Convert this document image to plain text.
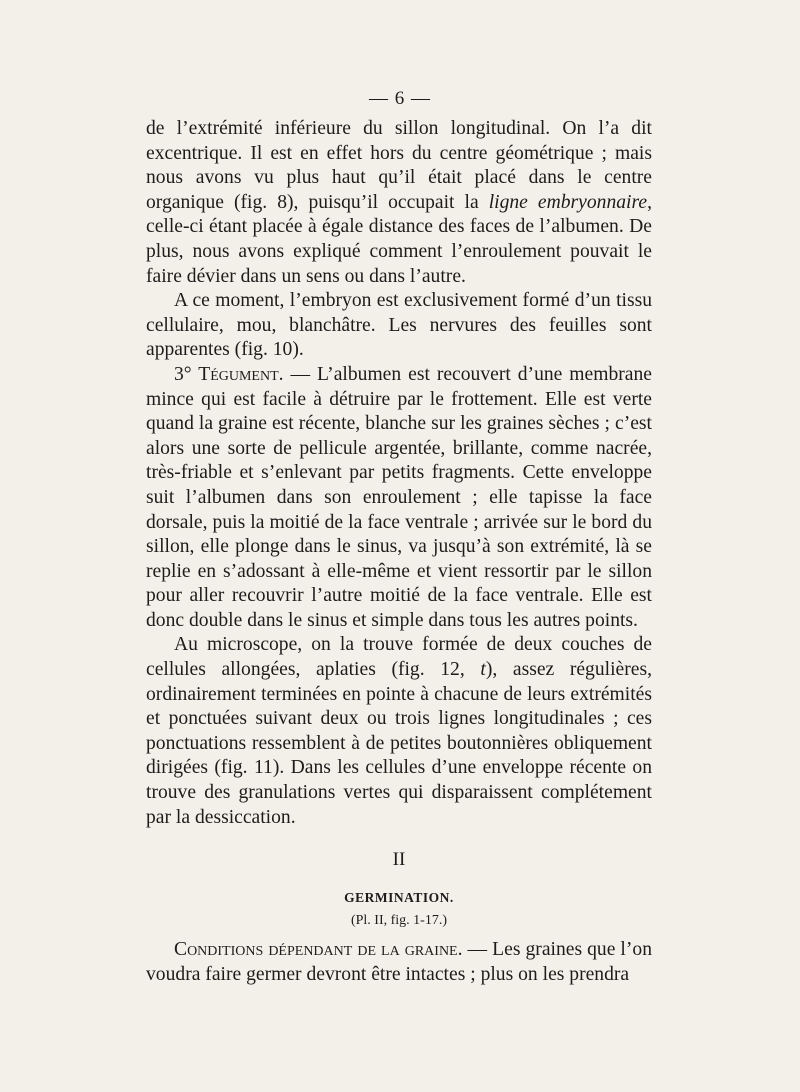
— 6 —

de l’extrémité inférieure du sillon longitudinal. On l’a dit excentrique. Il est en effet hors du centre géométrique ; mais nous avons vu plus haut qu’il était placé dans le centre organique (fig. 8), puisqu’il occupait la ligne embryonnaire, celle-ci étant placée à égale distance des faces de l’albumen. De plus, nous avons expliqué comment l’enroulement pouvait le faire dévier dans un sens ou dans l’autre.

A ce moment, l’embryon est exclusivement formé d’un tissu cellulaire, mou, blanchâtre. Les nervures des feuilles sont apparentes (fig. 10).

3° Tégument. — L’albumen est recouvert d’une membrane mince qui est facile à détruire par le frottement. Elle est verte quand la graine est récente, blanche sur les graines sèches ; c’est alors une sorte de pellicule argentée, brillante, comme nacrée, très-friable et s’enlevant par petits fragments. Cette enveloppe suit l’albumen dans son enroulement ; elle tapisse la face dorsale, puis la moitié de la face ventrale ; arrivée sur le bord du sillon, elle plonge dans le sinus, va jusqu’à son extrémité, là se replie en s’adossant à elle-même et vient ressortir par le sillon pour aller recouvrir l’autre moitié de la face ventrale. Elle est donc double dans le sinus et simple dans tous les autres points.

Au microscope, on la trouve formée de deux couches de cellules allongées, aplaties (fig. 12, t), assez régulières, ordinairement terminées en pointe à chacune de leurs extrémités et ponctuées suivant deux ou trois lignes longitudinales ; ces ponctuations ressemblent à de petites boutonnières obliquement dirigées (fig. 11). Dans les cellules d’une enveloppe récente on trouve des granulations vertes qui disparaissent complétement par la dessiccation.

II
GERMINATION.
(Pl. II, fig. 1-17.)

Conditions dépendant de la graine. — Les graines que l’on voudra faire germer devront être intactes ; plus on les prendra
